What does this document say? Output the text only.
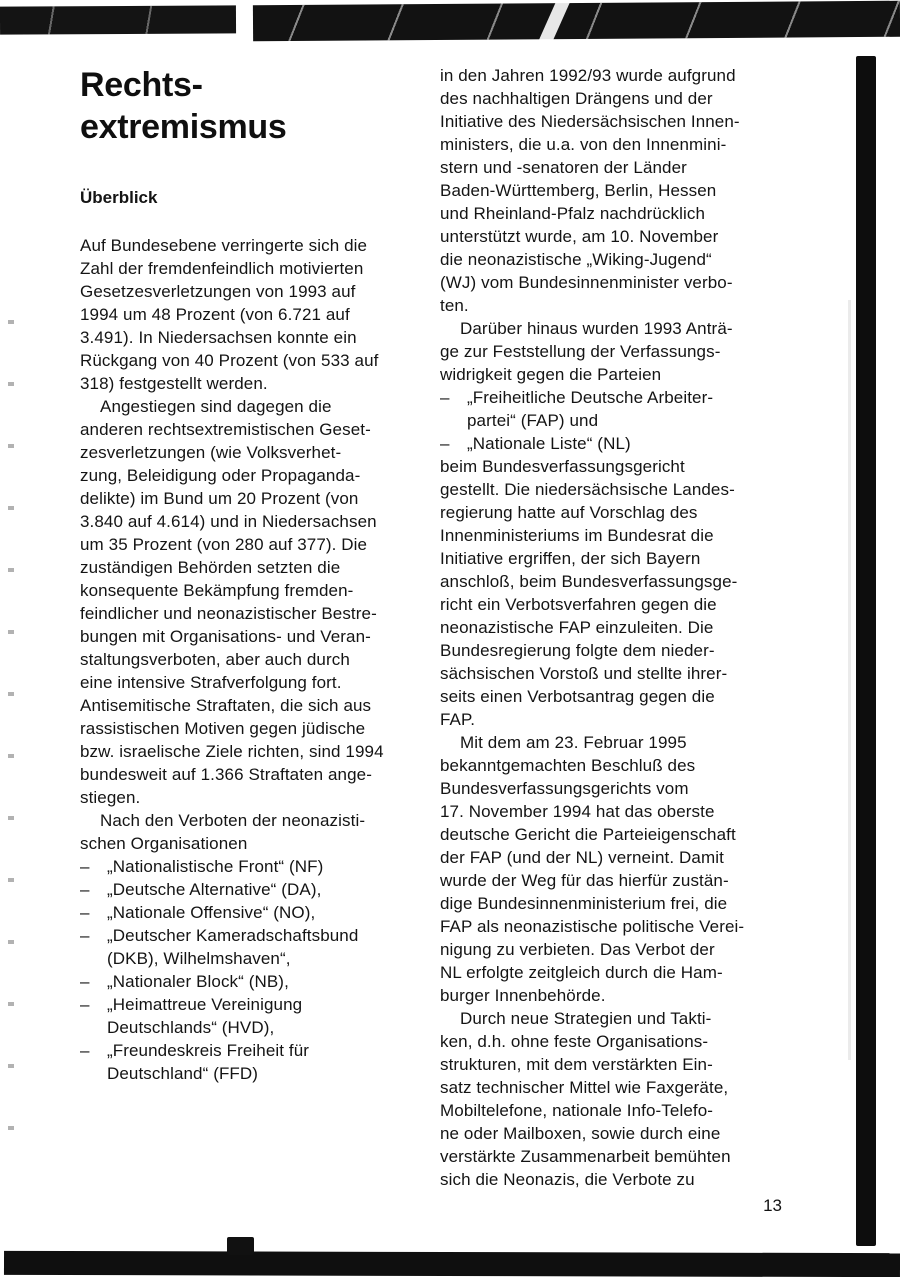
Rechts-
extremismus
Überblick
Auf Bundesebene verringerte sich die
Zahl der fremdenfeindlich motivierten
Gesetzesverletzungen von 1993 auf
1994 um 48 Prozent (von 6.721 auf
3.491). In Niedersachsen konnte ein
Rückgang von 40 Prozent (von 533 auf
318) festgestellt werden.
Angestiegen sind dagegen die
anderen rechtsextremistischen Geset-
zesverletzungen (wie Volksverhet-
zung, Beleidigung oder Propaganda-
delikte) im Bund um 20 Prozent (von
3.840 auf 4.614) und in Niedersachsen
um 35 Prozent (von 280 auf 377). Die
zuständigen Behörden setzten die
konsequente Bekämpfung fremden-
feindlicher und neonazistischer Bestre-
bungen mit Organisations- und Veran-
staltungsverboten, aber auch durch
eine intensive Strafverfolgung fort.
Antisemitische Straftaten, die sich aus
rassistischen Motiven gegen jüdische
bzw. israelische Ziele richten, sind 1994
bundesweit auf 1.366 Straftaten ange-
stiegen.
Nach den Verboten der neonazisti-
schen Organisationen
–	„Nationalistische Front“ (NF)
–	„Deutsche Alternative“ (DA),
–	„Nationale Offensive“ (NO),
–	„Deutscher Kameradschaftsbund
(DKB), Wilhelmshaven“,
–	„Nationaler Block“ (NB),
–	„Heimattreue Vereinigung
Deutschlands“ (HVD),
–	„Freundeskreis Freiheit für
Deutschland“ (FFD)
in den Jahren 1992/93 wurde aufgrund
des nachhaltigen Drängens und der
Initiative des Niedersächsischen Innen-
ministers, die u.a. von den Innenmini-
stern und -senatoren der Länder
Baden-Württemberg, Berlin, Hessen
und Rheinland-Pfalz nachdrücklich
unterstützt wurde, am 10. November
die neonazistische „Wiking-Jugend“
(WJ) vom Bundesinnenminister verbo-
ten.
Darüber hinaus wurden 1993 Anträ-
ge zur Feststellung der Verfassungs-
widrigkeit gegen die Parteien
–	„Freiheitliche Deutsche Arbeiter-
partei“ (FAP) und
–	„Nationale Liste“ (NL)
beim Bundesverfassungsgericht
gestellt. Die niedersächsische Landes-
regierung hatte auf Vorschlag des
Innenministeriums im Bundesrat die
Initiative ergriffen, der sich Bayern
anschloß, beim Bundesverfassungsge-
richt ein Verbotsverfahren gegen die
neonazistische FAP einzuleiten. Die
Bundesregierung folgte dem nieder-
sächsischen Vorstoß und stellte ihrer-
seits einen Verbotsantrag gegen die
FAP.
Mit dem am 23. Februar 1995
bekanntgemachten Beschluß des
Bundesverfassungsgerichts vom
17. November 1994 hat das oberste
deutsche Gericht die Parteieigenschaft
der FAP (und der NL) verneint. Damit
wurde der Weg für das hierfür zustän-
dige Bundesinnenministerium frei, die
FAP als neonazistische politische Verei-
nigung zu verbieten. Das Verbot der
NL erfolgte zeitgleich durch die Ham-
burger Innenbehörde.
Durch neue Strategien und Takti-
ken, d.h. ohne feste Organisations-
strukturen, mit dem verstärkten Ein-
satz technischer Mittel wie Faxgeräte,
Mobiltelefone, nationale Info-Telefo-
ne oder Mailboxen, sowie durch eine
verstärkte Zusammenarbeit bemühten
sich die Neonazis, die Verbote zu
13
